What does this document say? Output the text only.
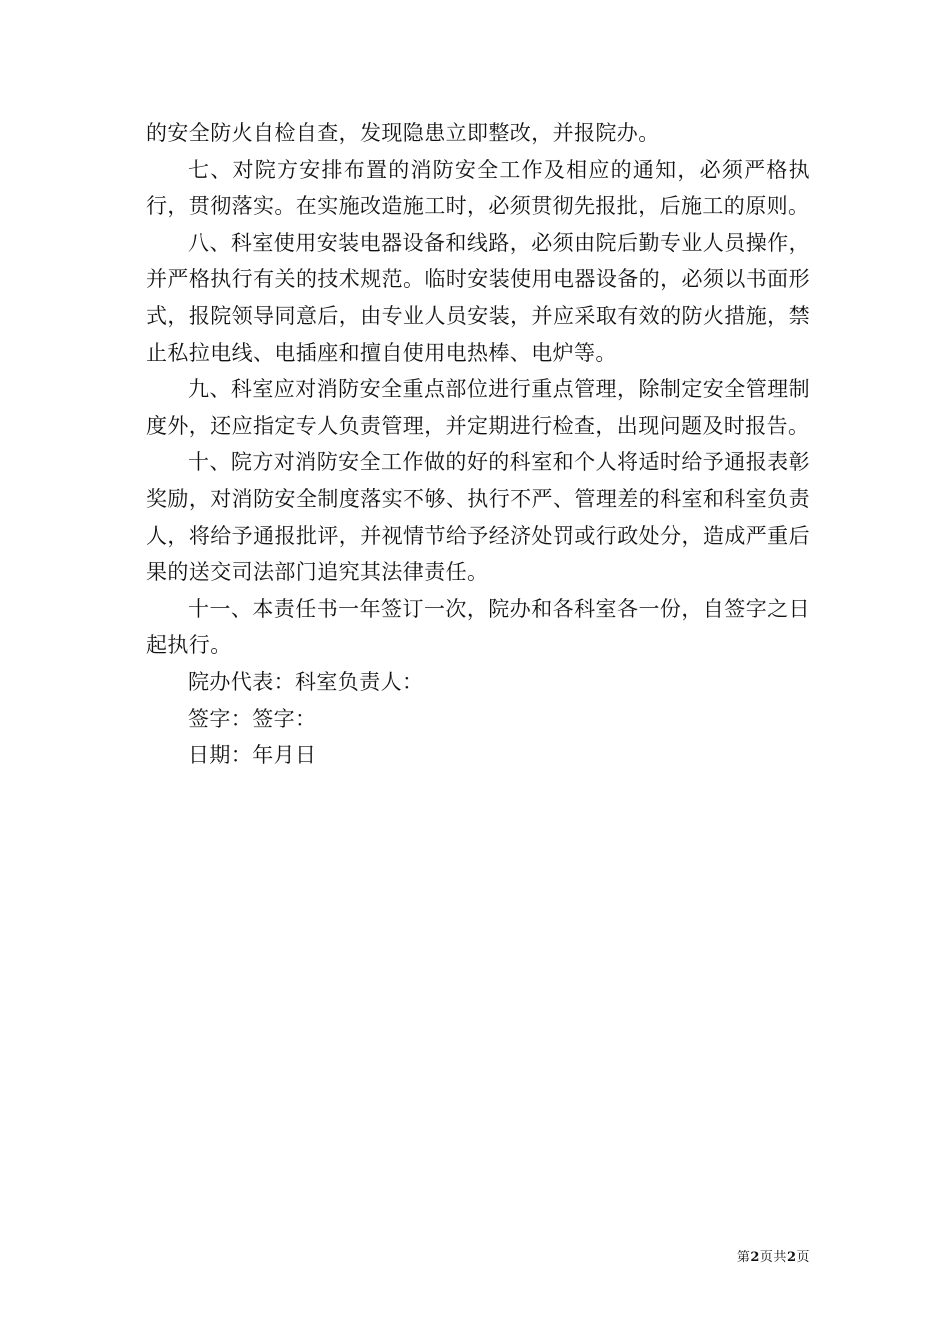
的安全防火自检自查，发现隐患立即整改，并报院办。

七、对院方安排布置的消防安全工作及相应的通知，必须严格执行，贯彻落实。在实施改造施工时，必须贯彻先报批，后施工的原则。

八、科室使用安装电器设备和线路，必须由院后勤专业人员操作，并严格执行有关的技术规范。临时安装使用电器设备的，必须以书面形式，报院领导同意后，由专业人员安装，并应采取有效的防火措施，禁止私拉电线、电插座和擅自使用电热棒、电炉等。

九、科室应对消防安全重点部位进行重点管理，除制定安全管理制度外，还应指定专人负责管理，并定期进行检查，出现问题及时报告。

十、院方对消防安全工作做的好的科室和个人将适时给予通报表彰奖励，对消防安全制度落实不够、执行不严、管理差的科室和科室负责人，将给予通报批评，并视情节给予经济处罚或行政处分，造成严重后果的送交司法部门追究其法律责任。

十一、本责任书一年签订一次，院办和各科室各一份，自签字之日起执行。

院办代表：科室负责人：

签字：签字：

日期：年月日

第2页共2页
